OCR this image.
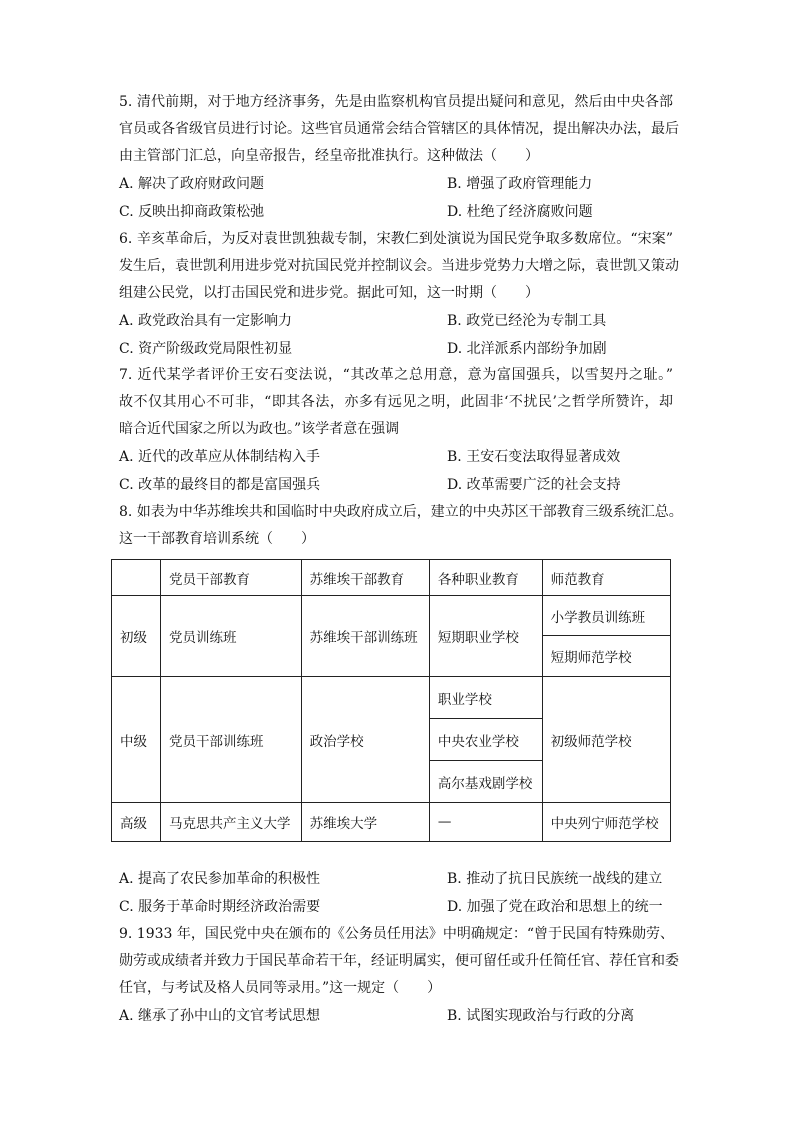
5. 清代前期，对于地方经济事务，先是由监察机构官员提出疑问和意见，然后由中央各部
官员或各省级官员进行讨论。这些官员通常会结合管辖区的具体情况，提出解决办法，最后
由主管部门汇总，向皇帝报告，经皇帝批准执行。这种做法（　　）
A. 解决了政府财政问题	B. 增强了政府管理能力
C. 反映出抑商政策松弛	D. 杜绝了经济腐败问题
6. 辛亥革命后，为反对袁世凯独裁专制，宋教仁到处演说为国民党争取多数席位。“宋案”
发生后，袁世凯利用进步党对抗国民党并控制议会。当进步党势力大增之际，袁世凯又策动
组建公民党，以打击国民党和进步党。据此可知，这一时期（　　）
A. 政党政治具有一定影响力	B. 政党已经沦为专制工具
C. 资产阶级政党局限性初显	D. 北洋派系内部纷争加剧
7. 近代某学者评价王安石变法说，“其改革之总用意，意为富国强兵，以雪契丹之耻。”
故不仅其用心不可非，“即其各法，亦多有远见之明，此固非‘不扰民’之哲学所赞许，却
暗合近代国家之所以为政也。”该学者意在强调
A. 近代的改革应从体制结构入手	B. 王安石变法取得显著成效
C. 改革的最终目的都是富国强兵	D. 改革需要广泛的社会支持
8. 如表为中华苏维埃共和国临时中央政府成立后，建立的中央苏区干部教育三级系统汇总。
这一干部教育培训系统（　　）
	党员干部教育	苏维埃干部教育	各种职业教育	师范教育
初级	党员训练班	苏维埃干部训练班	短期职业学校	小学教员训练班
				短期师范学校
中级	党员干部训练班	政治学校	职业学校	初级师范学校
			中央农业学校	
			高尔基戏剧学校	
高级	马克思共产主义大学	苏维埃大学	—	中央列宁师范学校
A. 提高了农民参加革命的积极性	B. 推动了抗日民族统一战线的建立
C. 服务于革命时期经济政治需要	D. 加强了党在政治和思想上的统一
9. 1933 年，国民党中央在颁布的《公务员任用法》中明确规定：“曾于民国有特殊勋劳、
勋劳或成绩者并致力于国民革命若干年，经证明属实，便可留任或升任简任官、荐任官和委
任官，与考试及格人员同等录用。”这一规定（　　）
A. 继承了孙中山的文官考试思想	B. 试图实现政治与行政的分离
